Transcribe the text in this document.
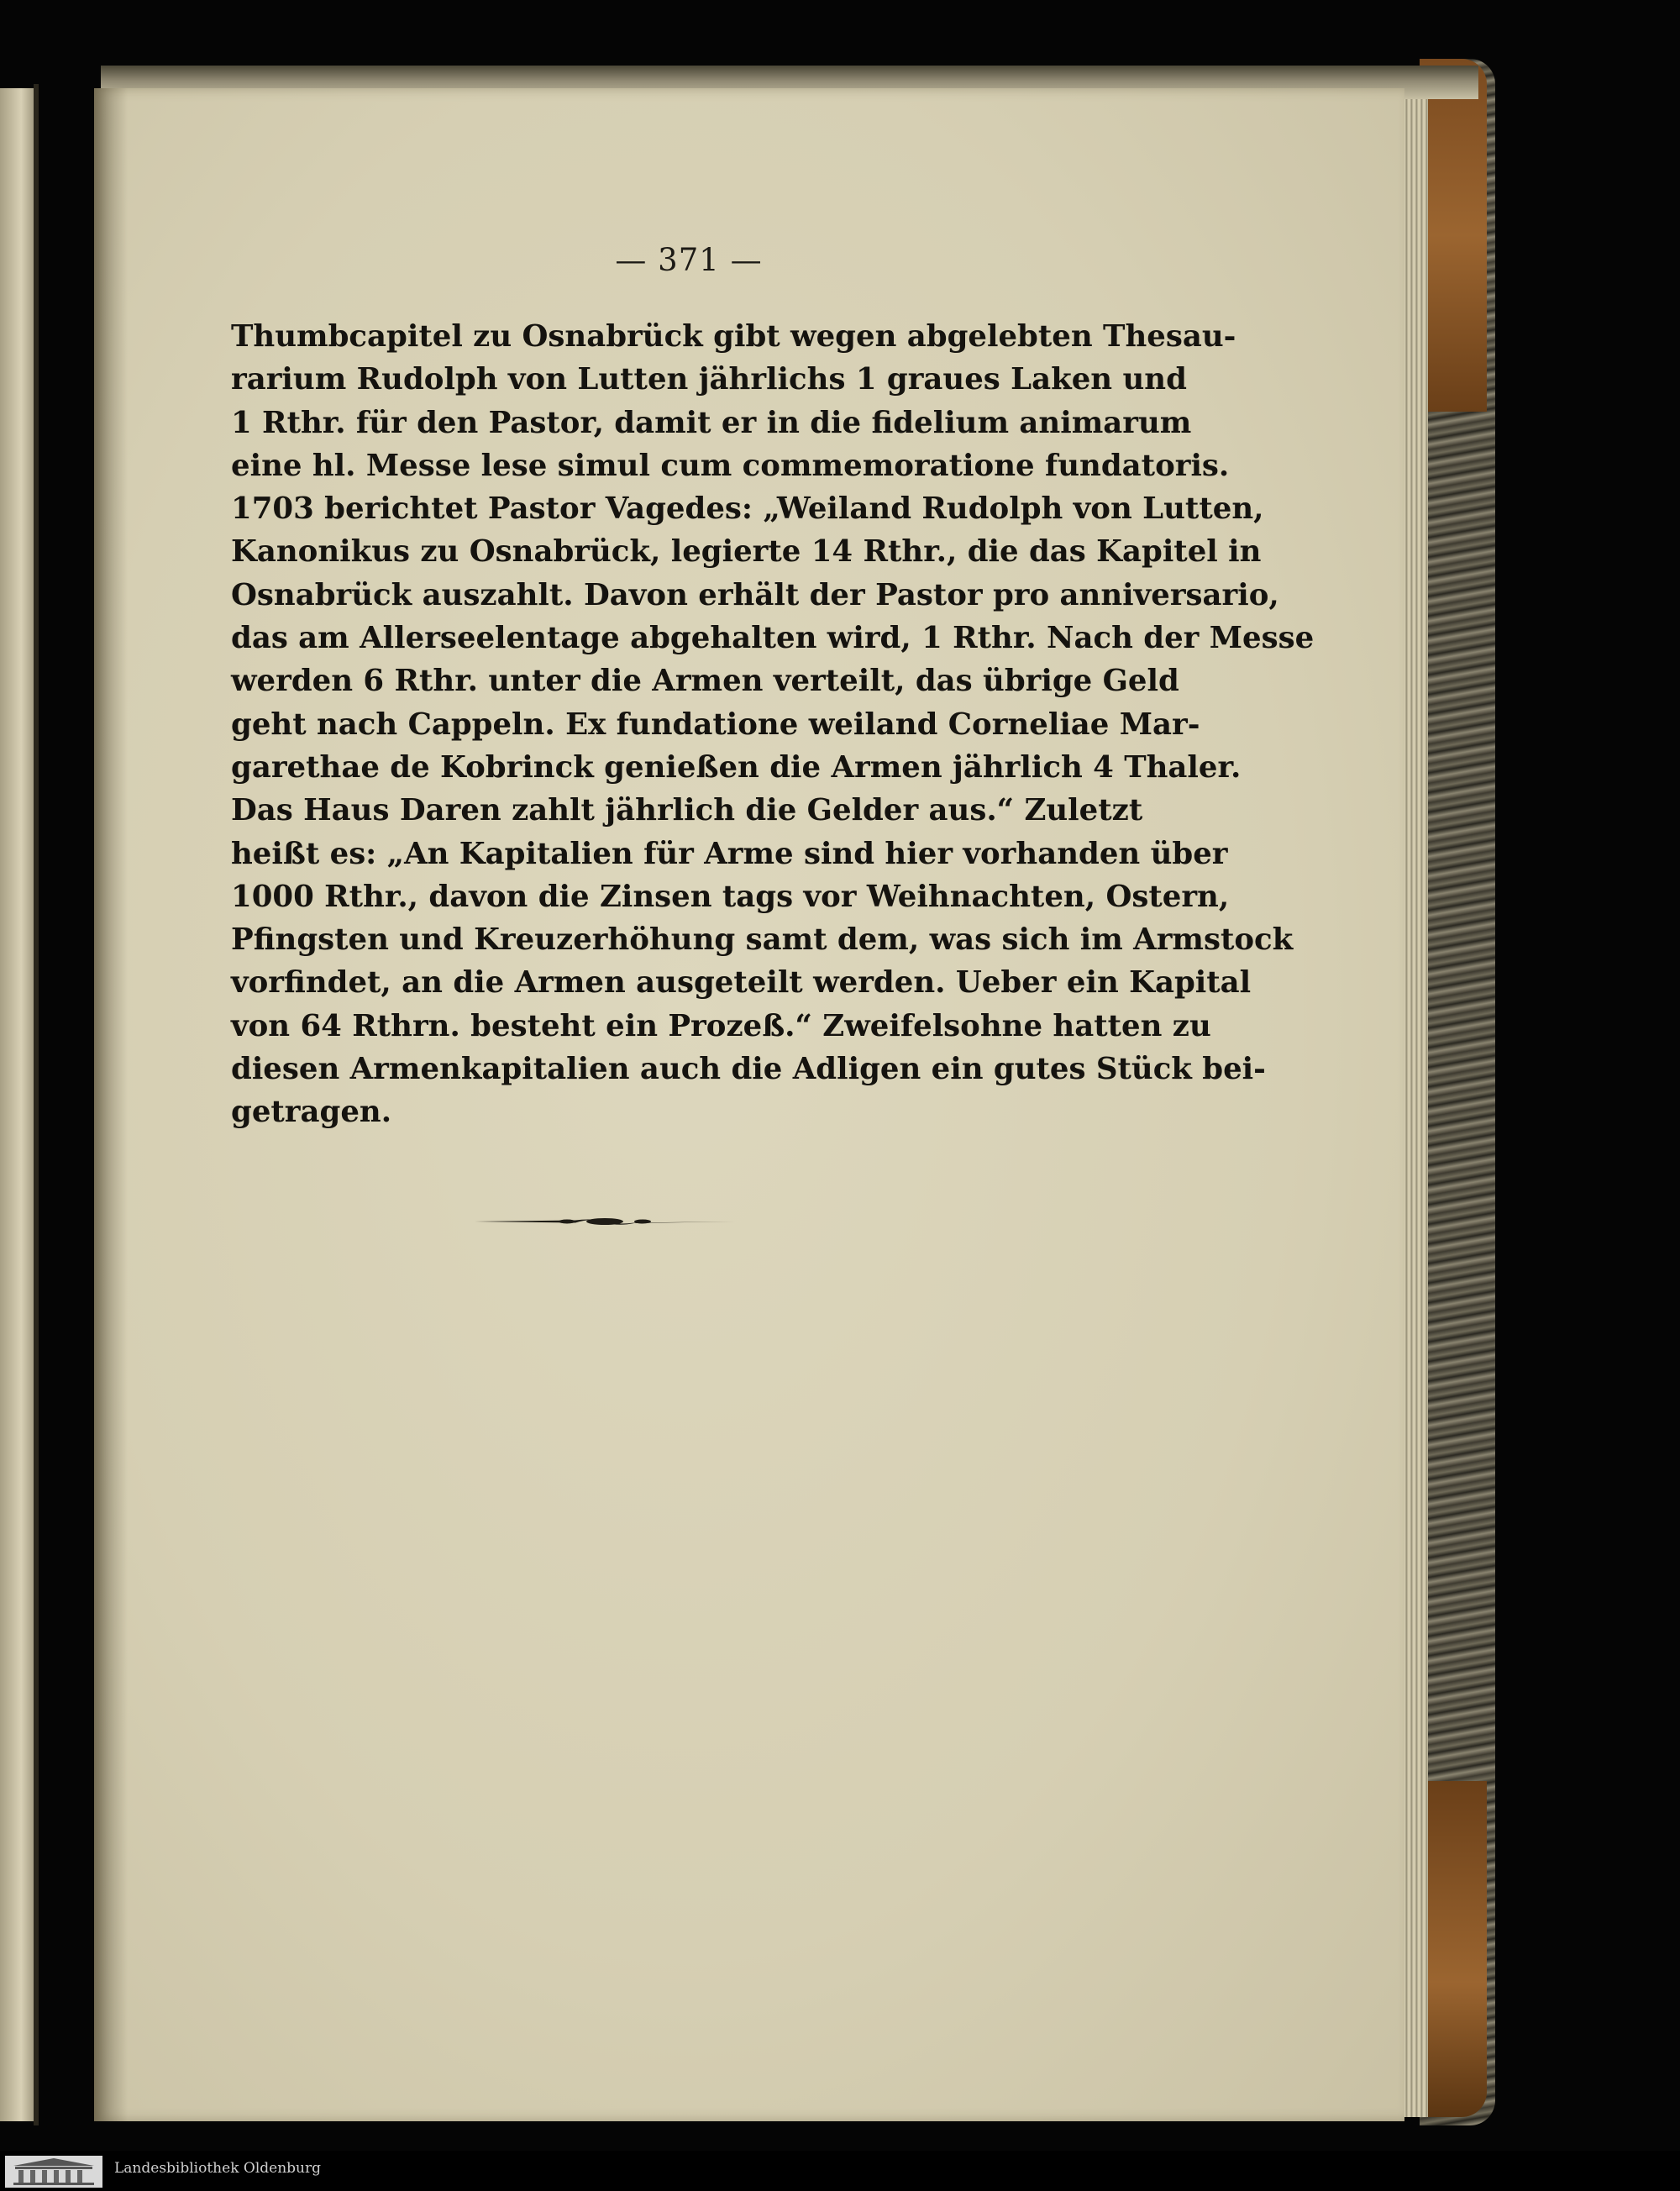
— 371 —
Thumbcapitel zu Osnabrück gibt wegen abgelebten Thesau-
rarium Rudolph von Lutten jährlichs 1 graues Laken und
1 Rthr. für den Pastor, damit er in die fidelium animarum
eine hl. Messe lese simul cum commemoratione fundatoris.
1703 berichtet Pastor Vagedes: „Weiland Rudolph von Lutten,
Kanonikus zu Osnabrück, legierte 14 Rthr., die das Kapitel in
Osnabrück auszahlt. Davon erhält der Pastor pro anniversario,
das am Allerseelentage abgehalten wird, 1 Rthr. Nach der Messe
werden 6 Rthr. unter die Armen verteilt, das übrige Geld
geht nach Cappeln. Ex fundatione weiland Corneliae Mar-
garethae de Kobrinck genießen die Armen jährlich 4 Thaler.
Das Haus Daren zahlt jährlich die Gelder aus.“ Zuletzt
heißt es: „An Kapitalien für Arme sind hier vorhanden über
1000 Rthr., davon die Zinsen tags vor Weihnachten, Ostern,
Pfingsten und Kreuzerhöhung samt dem, was sich im Armstock
vorfindet, an die Armen ausgeteilt werden. Ueber ein Kapital
von 64 Rthrn. besteht ein Prozeß.“ Zweifelsohne hatten zu
diesen Armenkapitalien auch die Adligen ein gutes Stück bei-
getragen.
Landesbibliothek Oldenburg
